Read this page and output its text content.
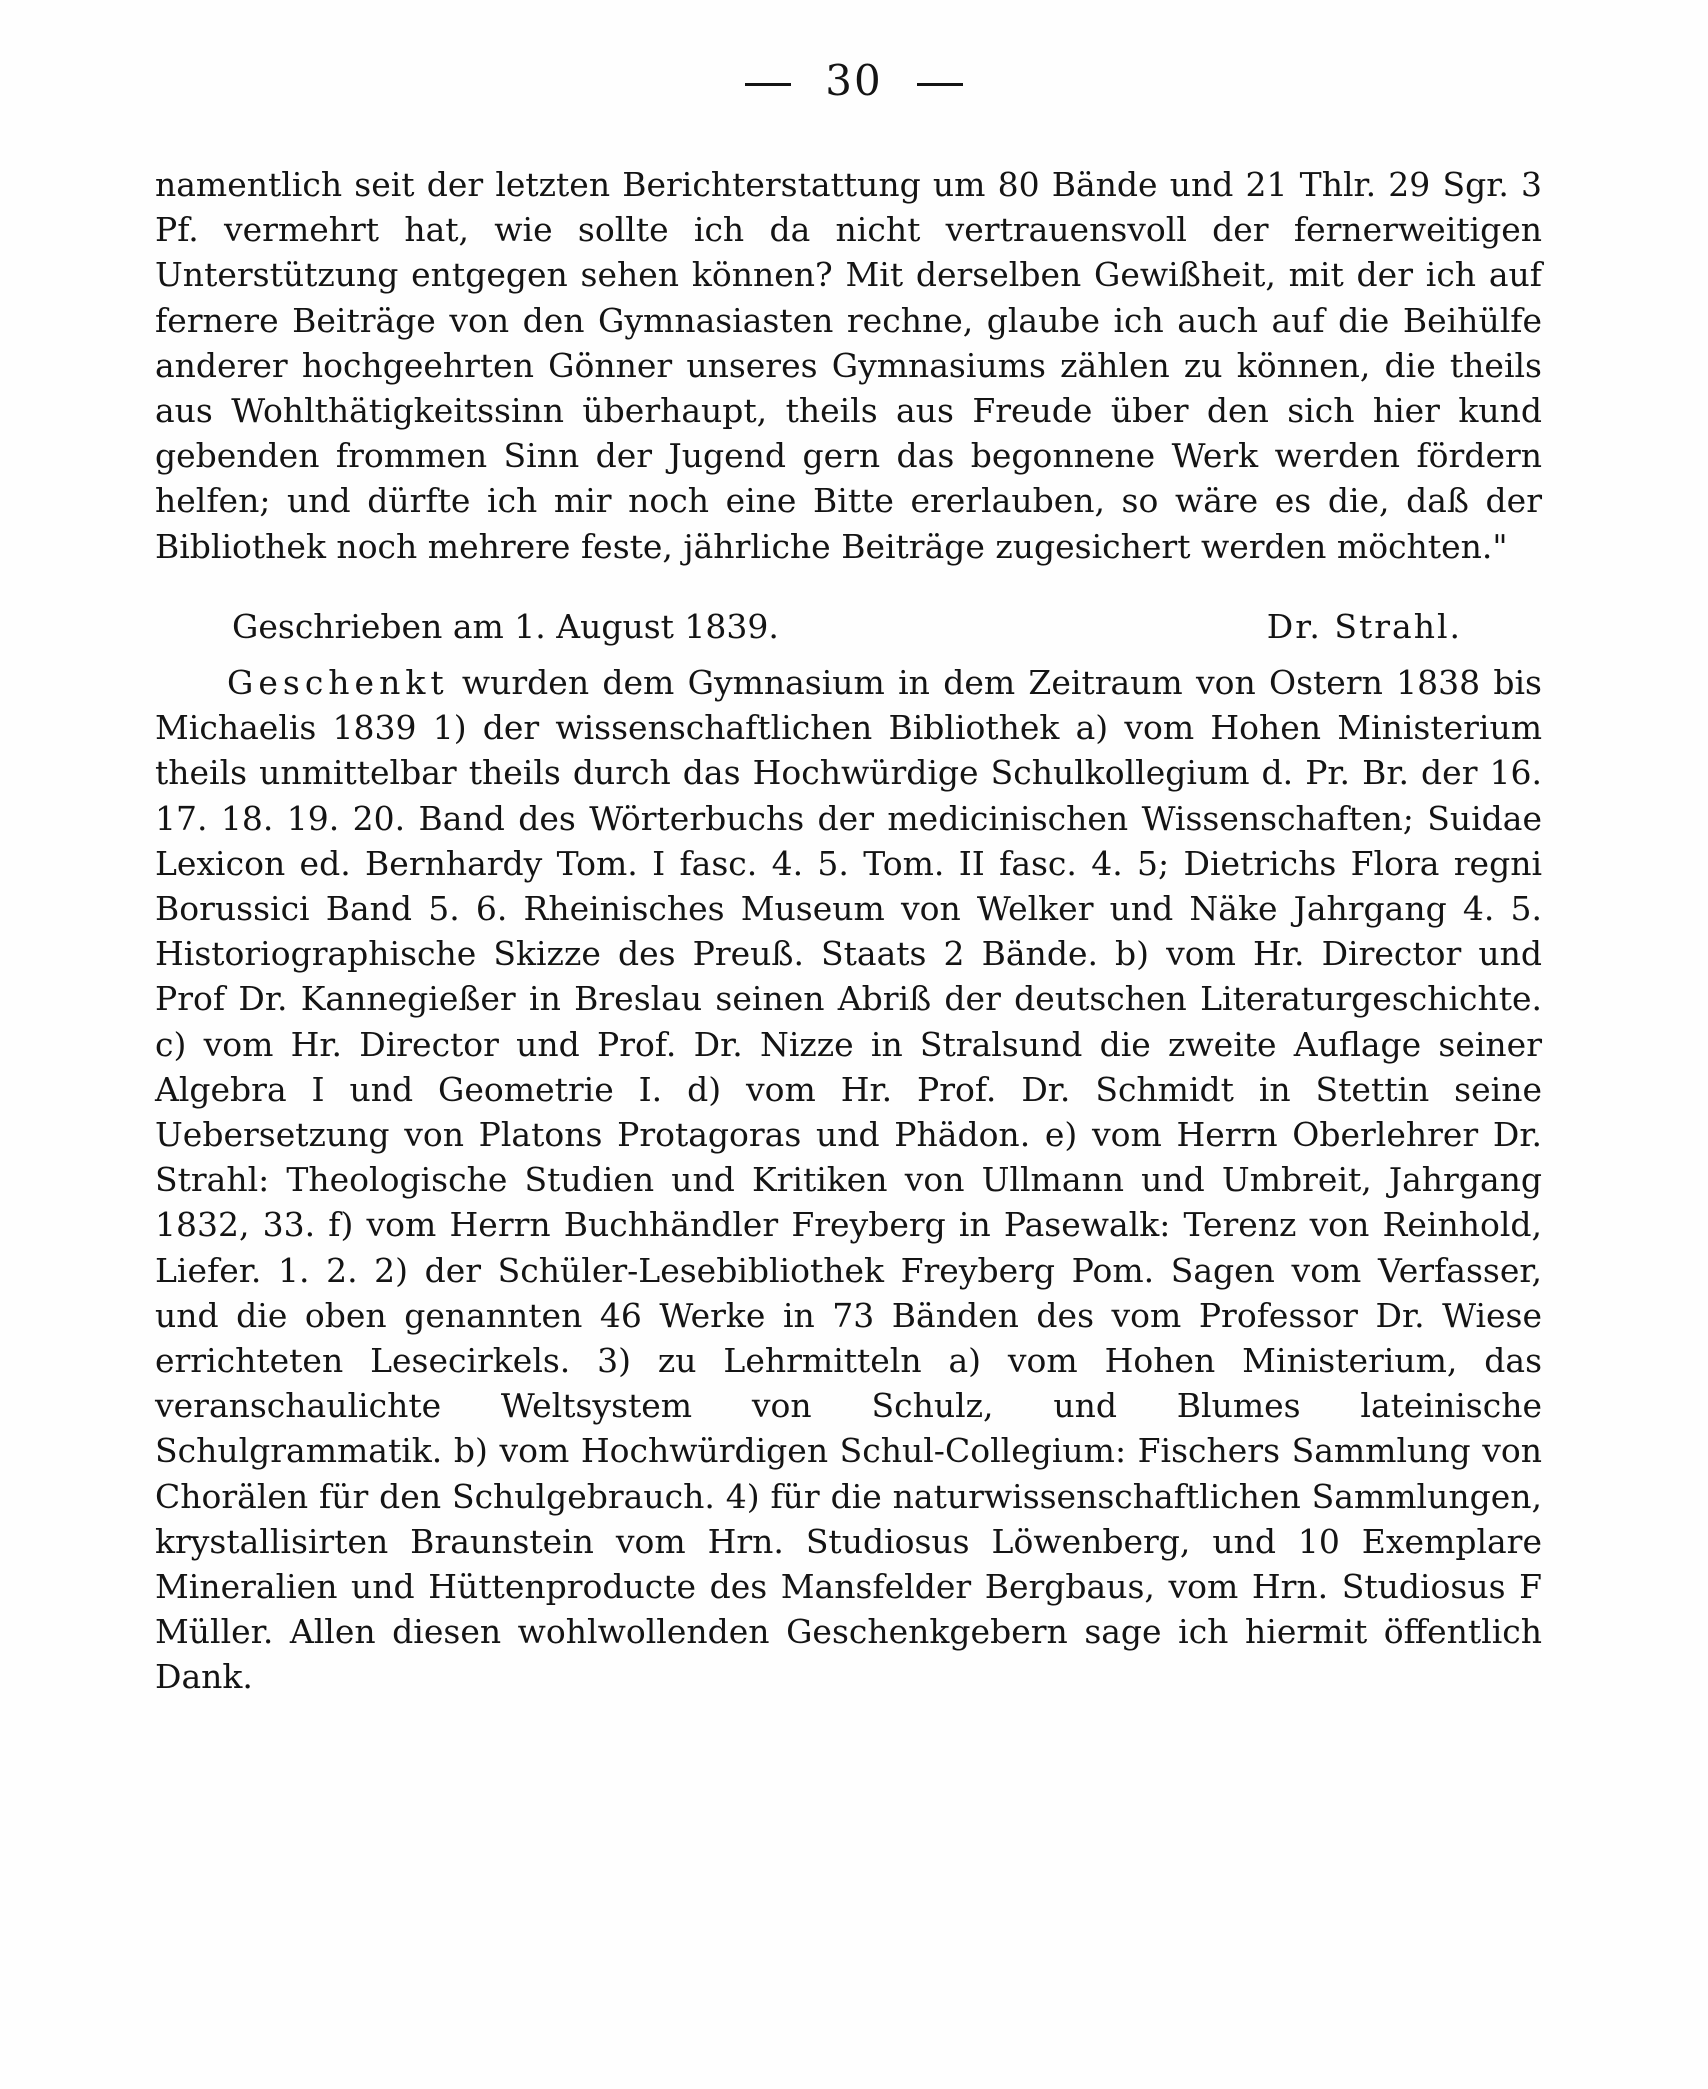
30
namentlich seit der letzten Berichterstattung um 80 Bände und 21 Thlr. 29 Sgr. 3 Pf. vermehrt hat, wie sollte ich da nicht vertrauensvoll der fernerweitigen Unterstützung entgegen sehen können? Mit derselben Gewißheit, mit der ich auf fernere Beiträge von den Gymnasiasten rechne, glaube ich auch auf die Beihülfe anderer hochgeehrten Gönner unseres Gymnasiums zählen zu können, die theils aus Wohlthätigkeitssinn überhaupt, theils aus Freude über den sich hier kund gebenden frommen Sinn der Jugend gern das begonnene Werk werden fördern helfen; und dürfte ich mir noch eine Bitte ererlauben, so wäre es die, daß der Bibliothek noch mehrere feste, jährliche Beiträge zugesichert werden möchten."
Geschrieben am 1. August 1839.	Dr. Strahl.
Geschenkt wurden dem Gymnasium in dem Zeitraum von Ostern 1838 bis Michaelis 1839 1) der wissenschaftlichen Bibliothek a) vom Hohen Ministerium theils unmittelbar theils durch das Hochwürdige Schulkollegium d. Pr. Br. der 16. 17. 18. 19. 20. Band des Wörterbuchs der medicinischen Wissenschaften; Suidae Lexicon ed. Bernhardy Tom. I fasc. 4. 5. Tom. II fasc. 4. 5; Dietrichs Flora regni Borussici Band 5. 6. Rheinisches Museum von Welker und Näke Jahrgang 4. 5. Historiographische Skizze des Preuß. Staats 2 Bände. b) vom Hr. Director und Prof Dr. Kannegießer in Breslau seinen Abriß der deutschen Literaturgeschichte. c) vom Hr. Director und Prof. Dr. Nizze in Stralsund die zweite Auflage seiner Algebra I und Geometrie I. d) vom Hr. Prof. Dr. Schmidt in Stettin seine Uebersetzung von Platons Protagoras und Phädon. e) vom Herrn Oberlehrer Dr. Strahl: Theologische Studien und Kritiken von Ullmann und Umbreit, Jahrgang 1832, 33. f) vom Herrn Buchhändler Freyberg in Pasewalk: Terenz von Reinhold, Liefer. 1. 2. 2) der Schüler-Lesebibliothek Freyberg Pom. Sagen vom Verfasser, und die oben genannten 46 Werke in 73 Bänden des vom Professor Dr. Wiese errichteten Lesecirkels. 3) zu Lehrmitteln a) vom Hohen Ministerium, das veranschaulichte Weltsystem von Schulz, und Blumes lateinische Schulgrammatik. b) vom Hochwürdigen Schul-Collegium: Fischers Sammlung von Chorälen für den Schulgebrauch. 4) für die naturwissenschaftlichen Sammlungen, krystallisirten Braunstein vom Hrn. Studiosus Löwenberg, und 10 Exemplare Mineralien und Hüttenproducte des Mansfelder Bergbaus, vom Hrn. Studiosus F Müller. Allen diesen wohlwollenden Geschenkgebern sage ich hiermit öffentlich Dank.
